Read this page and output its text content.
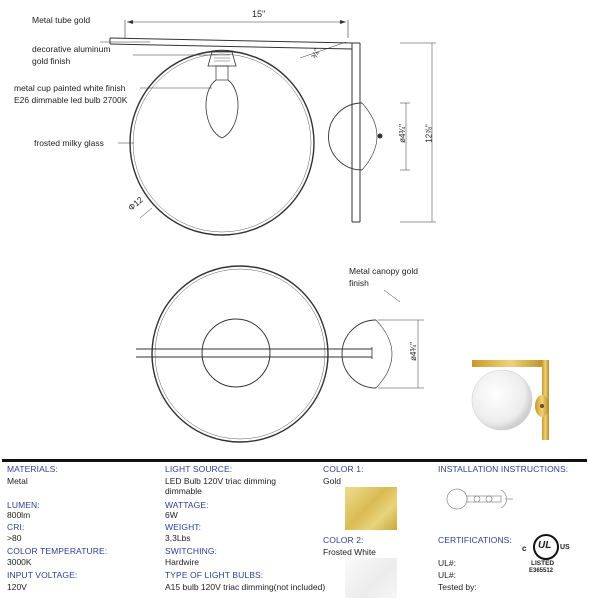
15"
Φ12
¾"
ø4¾" 12⅞"
ø4¾"
Metal tube gold
decorative aluminum
gold finish
metal cup painted white finish
E26 dimmable led bulb 2700K
frosted milky glass
Metal canopy gold
finish
MATERIALS:
Metal
LUMEN:
800lm
CRI:
>80
COLOR TEMPERATURE:
3000K
INPUT VOLTAGE:
120V
LIGHT SOURCE:
LED Bulb 120V triac dimming
dimmable
WATTAGE:
6W
WEIGHT:
3,3Lbs
SWITCHING:
Hardwire
TYPE OF LIGHT BULBS:
A15 bulb 120V triac dimming(not included)
COLOR 1:
Gold
COLOR 2:
Frosted White
INSTALLATION INSTRUCTIONS:
CERTIFICATIONS:
UL#:
UL#:
Tested by:
c UL US
LISTED
E365512
